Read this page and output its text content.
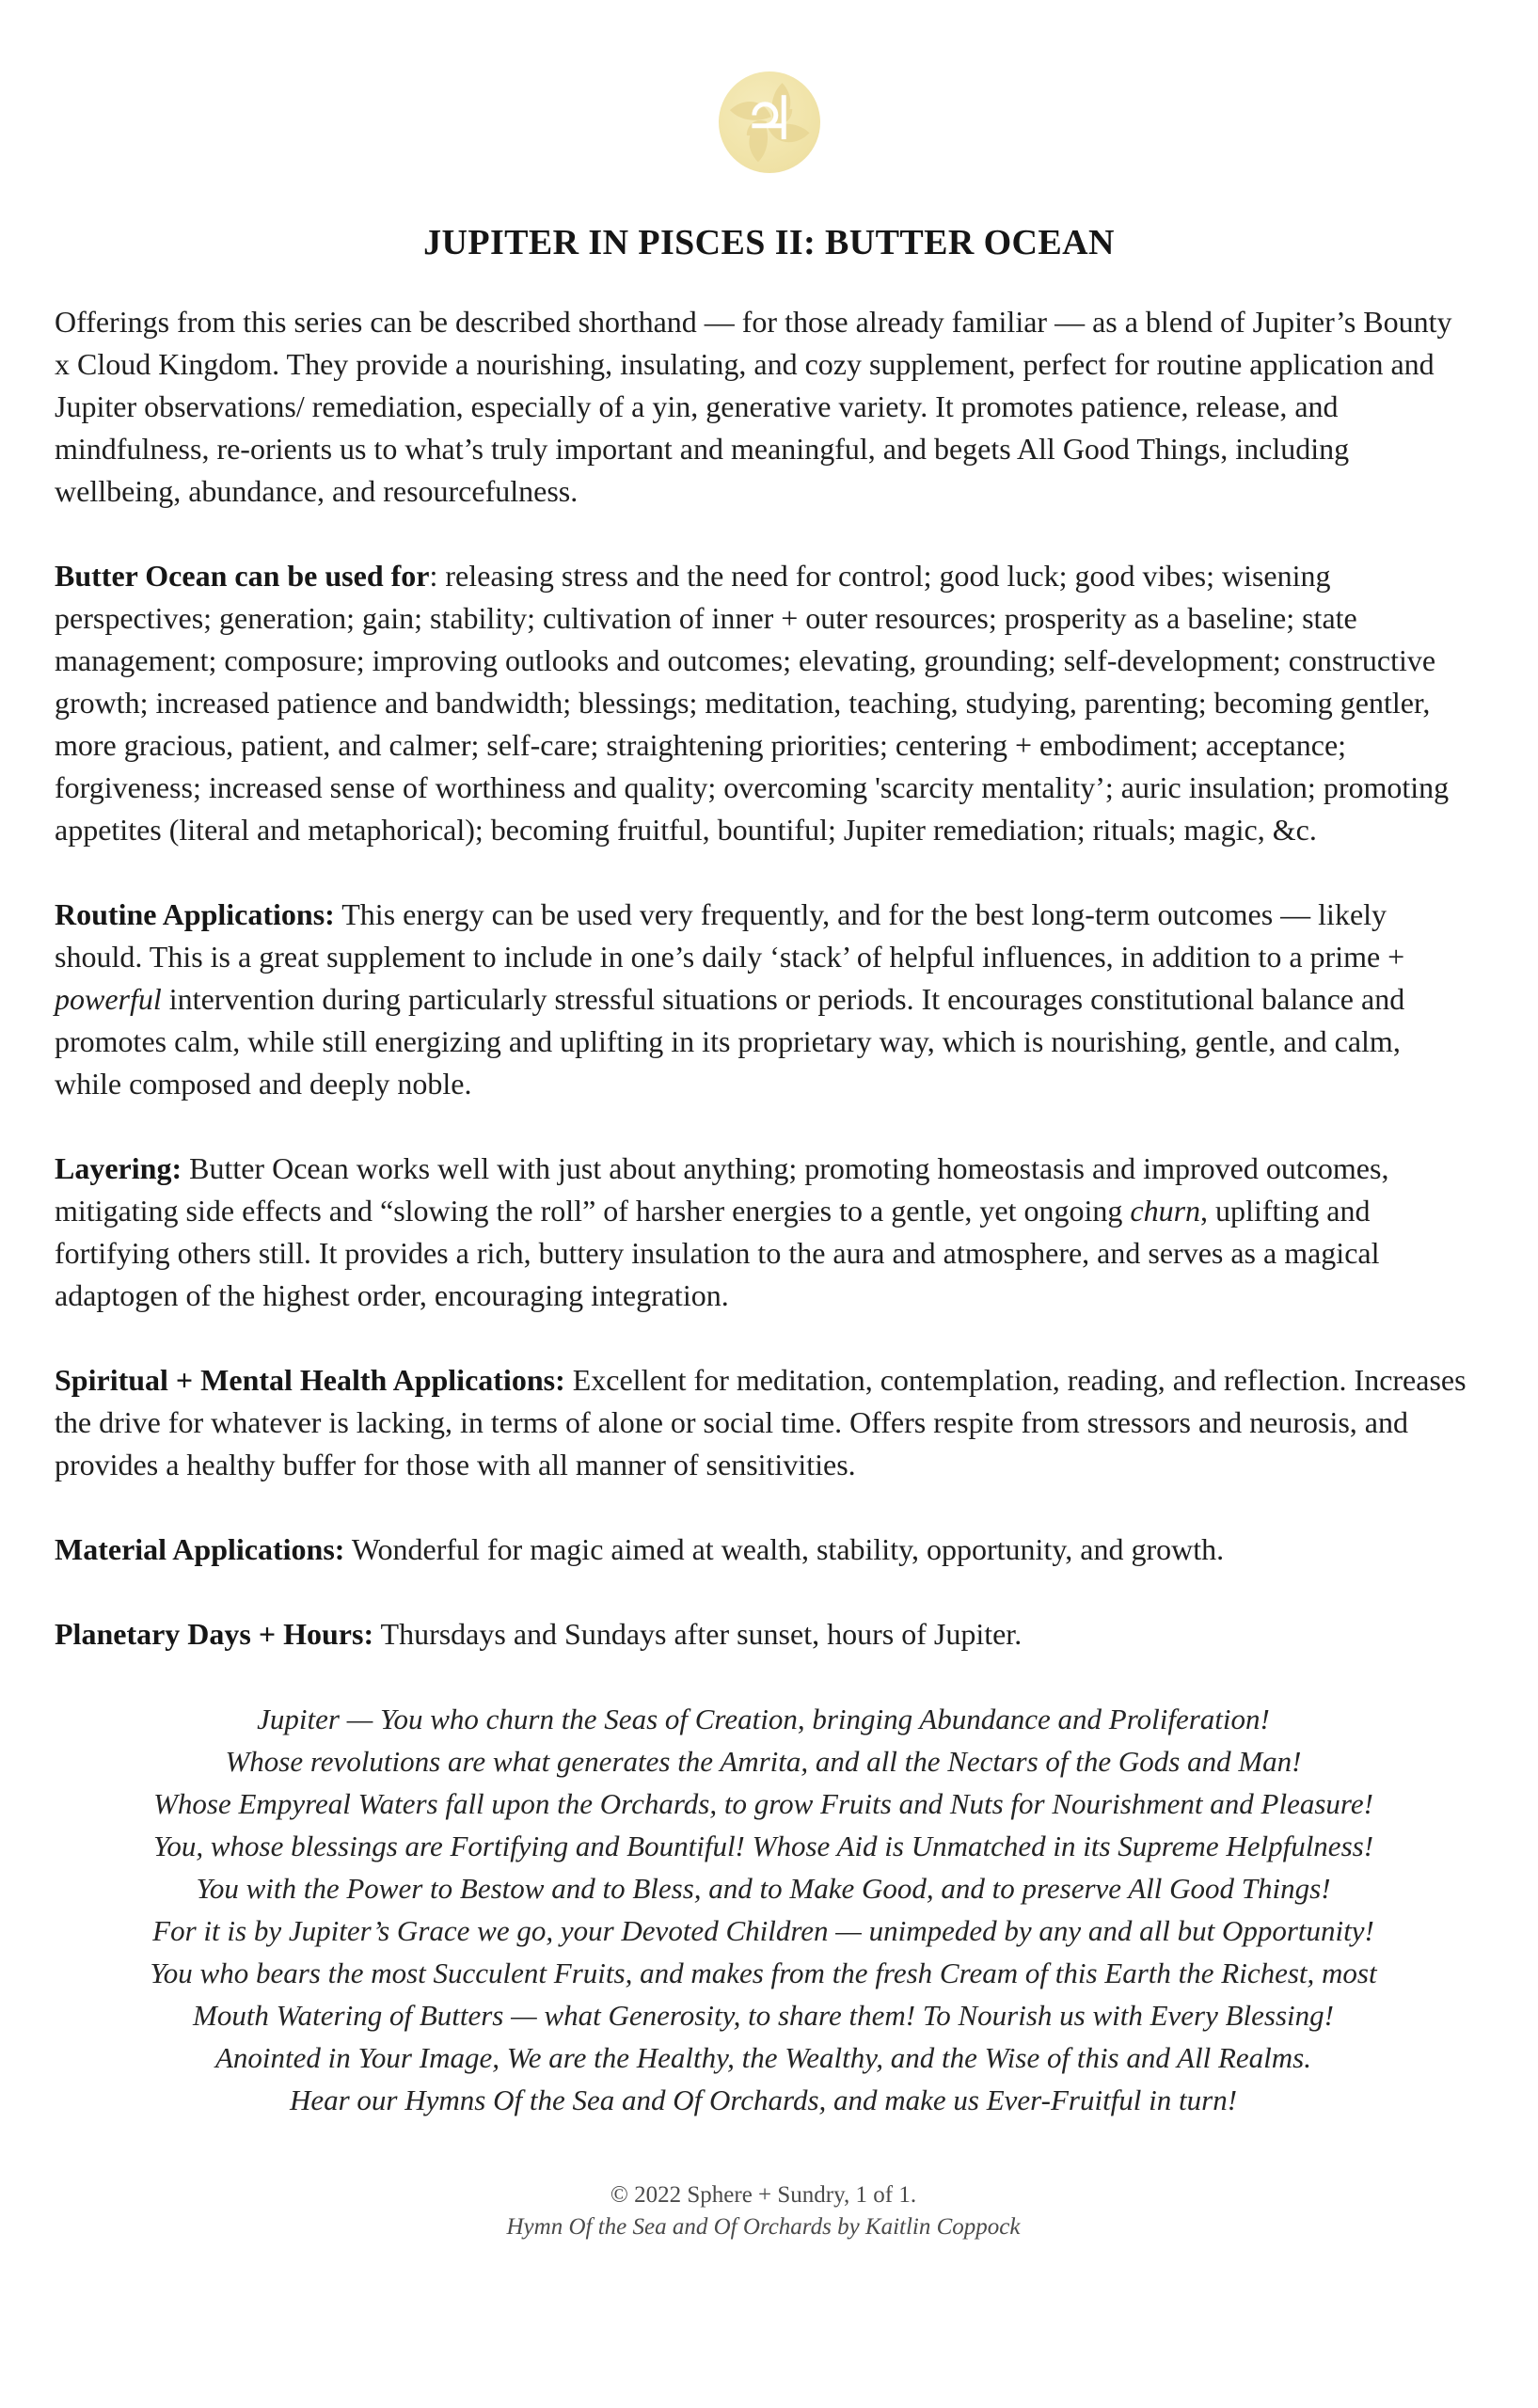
♃
JUPITER IN PISCES II: BUTTER OCEAN

Offerings from this series can be described shorthand — for those already familiar — as a blend of Jupiter’s Bounty x Cloud Kingdom. They provide a nourishing, insulating, and cozy supplement, perfect for routine application and Jupiter observations/ remediation, especially of a yin, generative variety. It promotes patience, release, and mindfulness, re-orients us to what’s truly important and meaningful, and begets All Good Things, including wellbeing, abundance, and resourcefulness.

Butter Ocean can be used for: releasing stress and the need for control; good luck; good vibes; wisening perspectives; generation; gain; stability; cultivation of inner + outer resources; prosperity as a baseline; state management; composure; improving outlooks and outcomes; elevating, grounding; self-development; constructive growth; increased patience and bandwidth; blessings; meditation, teaching, studying, parenting; becoming gentler, more gracious, patient, and calmer; self-care; straightening priorities; centering + embodiment; acceptance; forgiveness; increased sense of worthiness and quality; overcoming 'scarcity mentality’; auric insulation; promoting appetites (literal and metaphorical); becoming fruitful, bountiful; Jupiter remediation; rituals; magic, &c.

Routine Applications: This energy can be used very frequently, and for the best long-term outcomes — likely should. This is a great supplement to include in one’s daily ‘stack’ of helpful influences, in addition to a prime + powerful intervention during particularly stressful situations or periods. It encourages constitutional balance and promotes calm, while still energizing and uplifting in its proprietary way, which is nourishing, gentle, and calm, while composed and deeply noble.

Layering: Butter Ocean works well with just about anything; promoting homeostasis and improved outcomes, mitigating side effects and “slowing the roll” of harsher energies to a gentle, yet ongoing churn, uplifting and fortifying others still. It provides a rich, buttery insulation to the aura and atmosphere, and serves as a magical adaptogen of the highest order, encouraging integration.

Spiritual + Mental Health Applications: Excellent for meditation, contemplation, reading, and reflection. Increases the drive for whatever is lacking, in terms of alone or social time. Offers respite from stressors and neurosis, and provides a healthy buffer for those with all manner of sensitivities.

Material Applications: Wonderful for magic aimed at wealth, stability, opportunity, and growth.

Planetary Days + Hours: Thursdays and Sundays after sunset, hours of Jupiter.

Jupiter — You who churn the Seas of Creation, bringing Abundance and Proliferation!
Whose revolutions are what generates the Amrita, and all the Nectars of the Gods and Man!
Whose Empyreal Waters fall upon the Orchards, to grow Fruits and Nuts for Nourishment and Pleasure!
You, whose blessings are Fortifying and Bountiful! Whose Aid is Unmatched in its Supreme Helpfulness!
You with the Power to Bestow and to Bless, and to Make Good, and to preserve All Good Things!
For it is by Jupiter’s Grace we go, your Devoted Children — unimpeded by any and all but Opportunity!
You who bears the most Succulent Fruits, and makes from the fresh Cream of this Earth the Richest, most
Mouth Watering of Butters — what Generosity, to share them! To Nourish us with Every Blessing!
Anointed in Your Image, We are the Healthy, the Wealthy, and the Wise of this and All Realms.
Hear our Hymns Of the Sea and Of Orchards, and make us Ever-Fruitful in turn!
© 2022 Sphere + Sundry, 1 of 1.
Hymn Of the Sea and Of Orchards by Kaitlin Coppock
